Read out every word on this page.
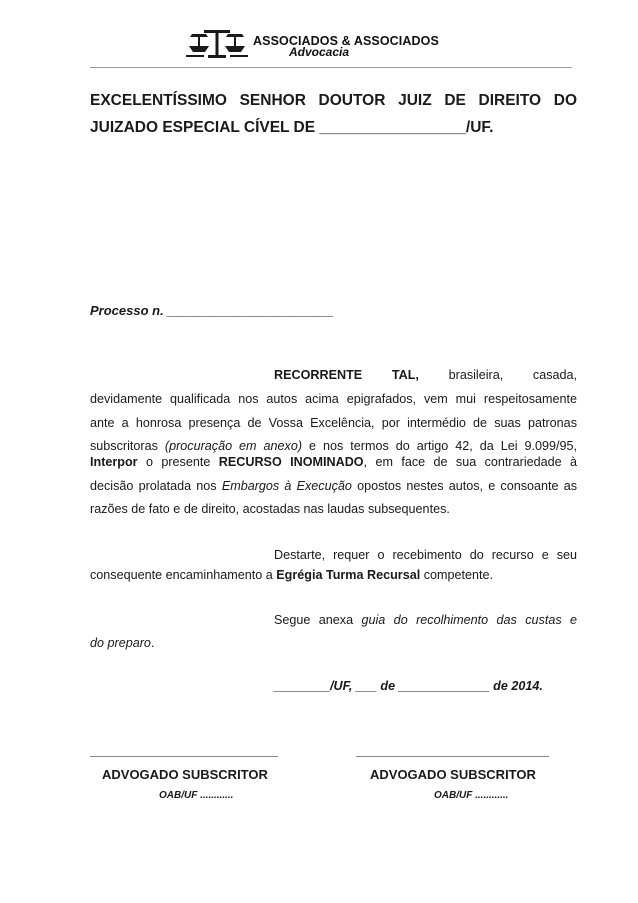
ASSOCIADOS & ASSOCIADOS
Advocacia
EXCELENTÍSSIMO SENHOR DOUTOR JUIZ DE DIREITO DO
JUIZADO ESPECIAL CÍVEL DE _________________/UF.
Processo n. _______________________
RECORRENTE TAL, brasileira, casada,
devidamente qualificada nos autos acima epigrafados, vem mui respeitosamente
ante a honrosa presença de Vossa Excelência, por intermédio de suas patronas
subscritoras (procuração em anexo) e nos termos do artigo 42, da Lei 9.099/95,
Interpor o presente RECURSO INOMINADO, em face de sua contrariedade à
decisão prolatada nos Embargos à Execução opostos nestes autos, e consoante as
razões de fato e de direito, acostadas nas laudas subsequentes.
Destarte, requer o recebimento do recurso e seu
consequente encaminhamento a Egrégia Turma Recursal competente.
Segue anexa guia do recolhimento das custas e
do preparo.
________/UF, ___ de _____________ de 2014.
ADVOGADO SUBSCRITOR	ADVOGADO SUBSCRITOR
OAB/UF ............	OAB/UF ............
